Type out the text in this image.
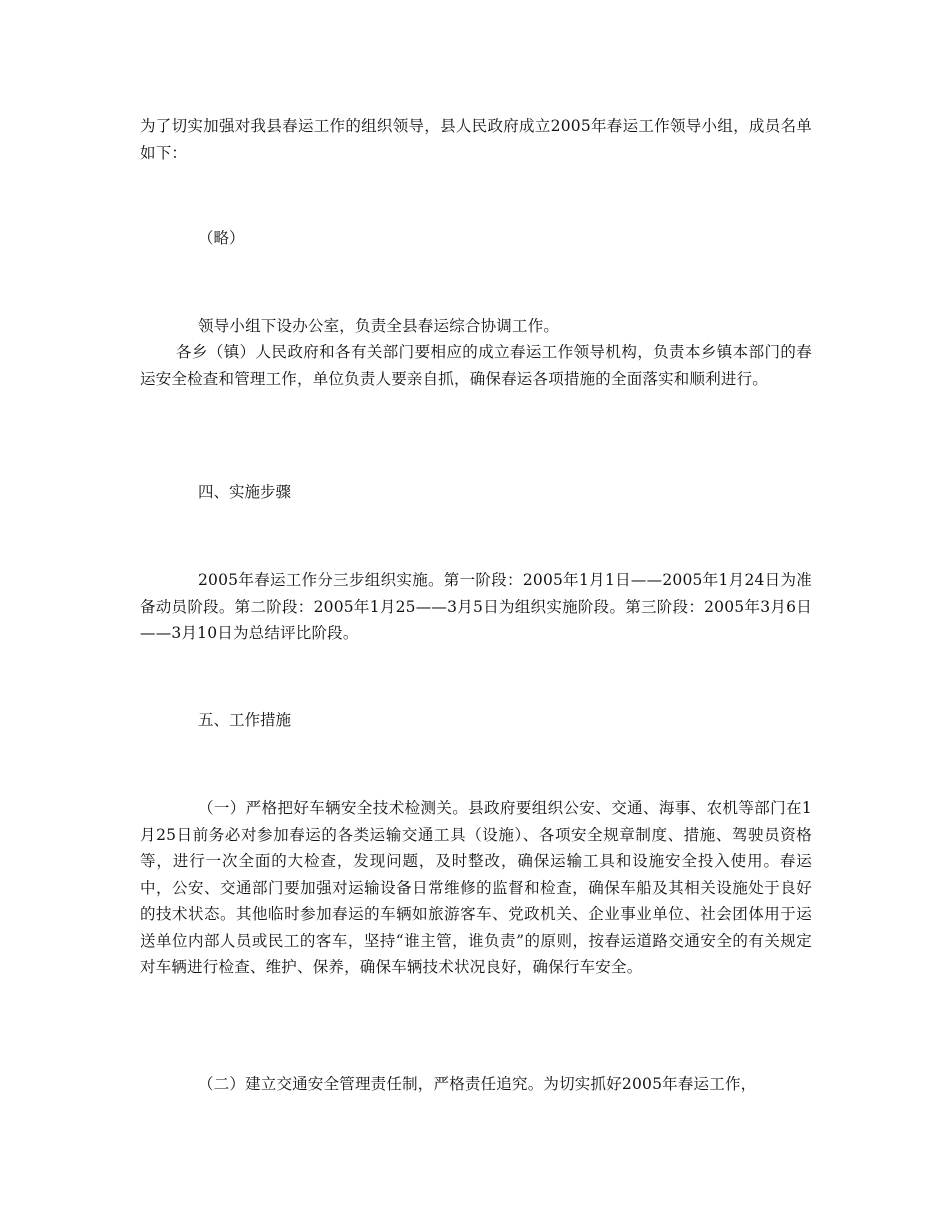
为了切实加强对我县春运工作的组织领导，县人民政府成立2005年春运工作领导小组，成员名单如下：

（略）

领导小组下设办公室，负责全县春运综合协调工作。

各乡（镇）人民政府和各有关部门要相应的成立春运工作领导机构，负责本乡镇本部门的春运安全检查和管理工作，单位负责人要亲自抓，确保春运各项措施的全面落实和顺利进行。

四、实施步骤

2005年春运工作分三步组织实施。第一阶段：2005年1月1日——2005年1月24日为准备动员阶段。第二阶段：2005年1月25——3月5日为组织实施阶段。第三阶段：2005年3月6日——3月10日为总结评比阶段。

五、工作措施

（一）严格把好车辆安全技术检测关。县政府要组织公安、交通、海事、农机等部门在1月25日前务必对参加春运的各类运输交通工具（设施）、各项安全规章制度、措施、驾驶员资格等，进行一次全面的大检查，发现问题，及时整改，确保运输工具和设施安全投入使用。春运中，公安、交通部门要加强对运输设备日常维修的监督和检查，确保车船及其相关设施处于良好的技术状态。其他临时参加春运的车辆如旅游客车、党政机关、企业事业单位、社会团体用于运送单位内部人员或民工的客车，坚持“谁主管，谁负责”的原则，按春运道路交通安全的有关规定对车辆进行检查、维护、保养，确保车辆技术状况良好，确保行车安全。

（二）建立交通安全管理责任制，严格责任追究。为切实抓好2005年春运工作，
